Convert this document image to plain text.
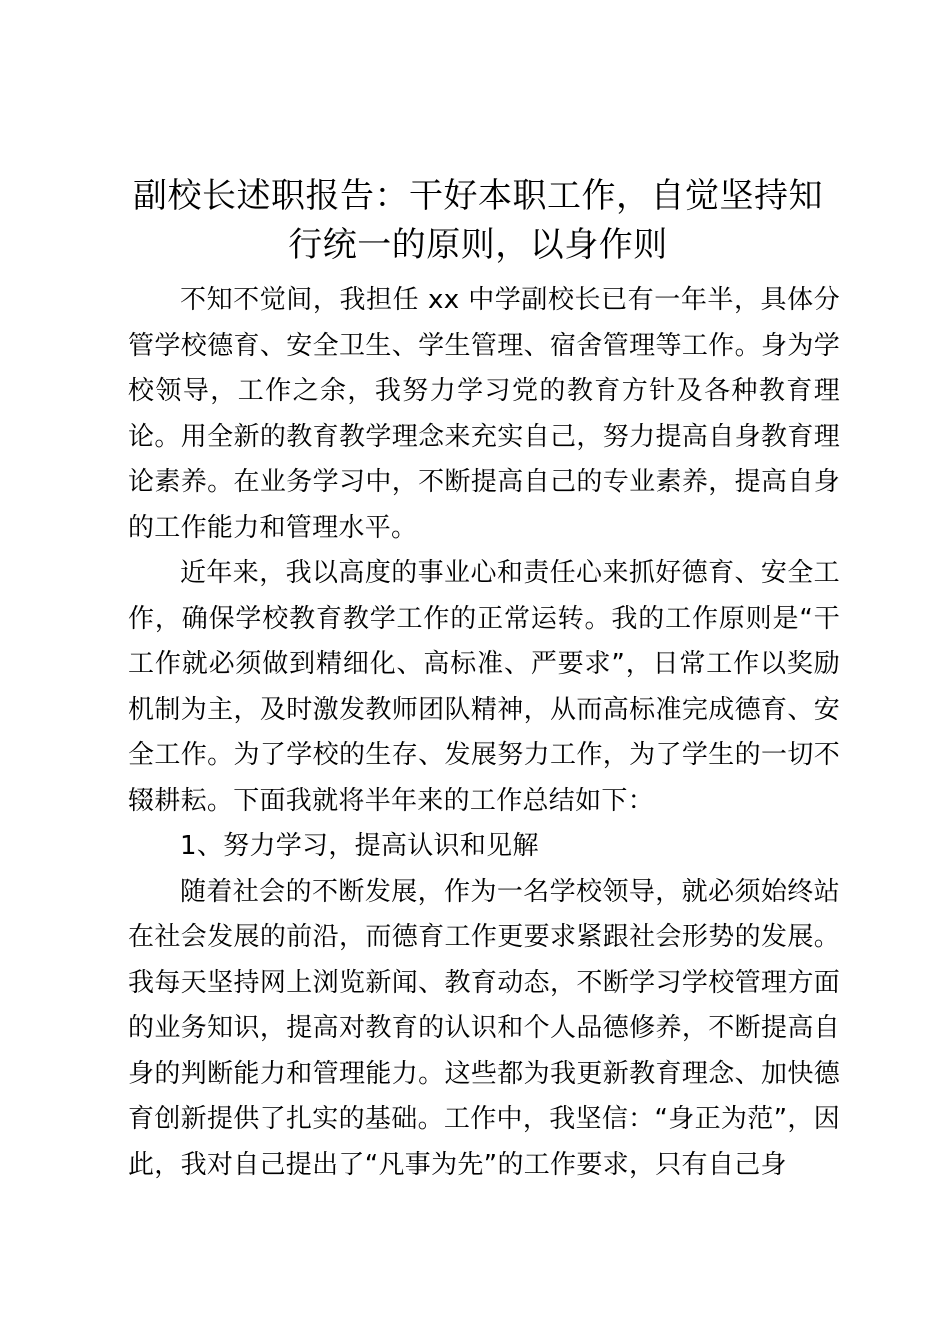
副校长述职报告：干好本职工作，自觉坚持知行统一的原则，以身作则

不知不觉间，我担任 xx 中学副校长已有一年半，具体分管学校德育、安全卫生、学生管理、宿舍管理等工作。身为学校领导，工作之余，我努力学习党的教育方针及各种教育理论。用全新的教育教学理念来充实自己，努力提高自身教育理论素养。在业务学习中，不断提高自己的专业素养，提高自身的工作能力和管理水平。

近年来，我以高度的事业心和责任心来抓好德育、安全工作，确保学校教育教学工作的正常运转。我的工作原则是“干工作就必须做到精细化、高标准、严要求”，日常工作以奖励机制为主，及时激发教师团队精神，从而高标准完成德育、安全工作。为了学校的生存、发展努力工作，为了学生的一切不辍耕耘。下面我就将半年来的工作总结如下：

1、努力学习，提高认识和见解

随着社会的不断发展，作为一名学校领导，就必须始终站在社会发展的前沿，而德育工作更要求紧跟社会形势的发展。我每天坚持网上浏览新闻、教育动态，不断学习学校管理方面的业务知识，提高对教育的认识和个人品德修养，不断提高自身的判断能力和管理能力。这些都为我更新教育理念、加快德育创新提供了扎实的基础。工作中，我坚信：“身正为范”，因此，我对自己提出了“凡事为先”的工作要求，只有自己身
